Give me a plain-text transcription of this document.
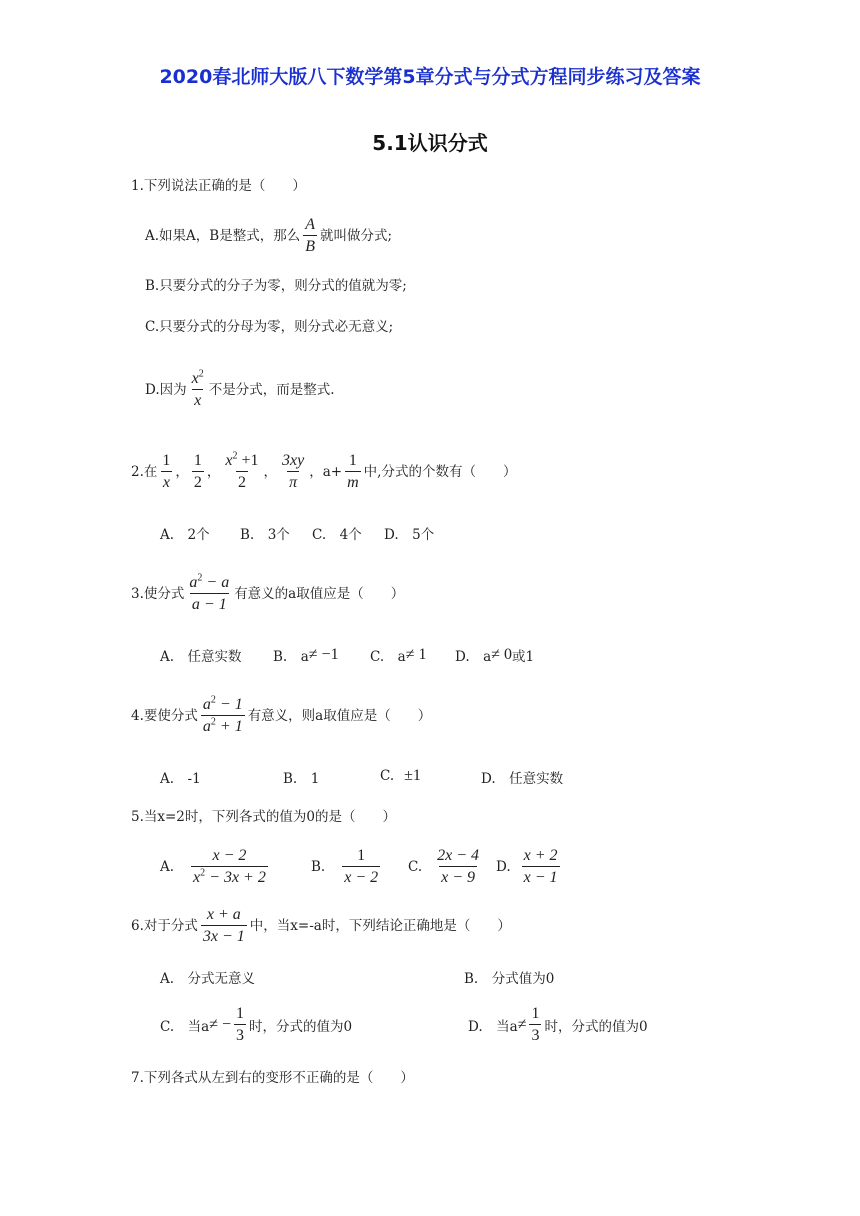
2020春北师大版八下数学第5章分式与分式方程同步练习及答案
5.1认识分式
1.下列说法正确的是（　　）
A.如果A，B是整式，那么 $\frac{A}{B}$ 就叫做分式;
B.只要分式的分子为零，则分式的值就为零;
C.只要分式的分母为零，则分式必无意义;
D.因为 $\frac{x^2}{x}$ 不是分式，而是整式.
2.在 $\frac{1}{x}$ ， $\frac{1}{2}$ ， $\frac{x^2 +1}{2}$ ， $\frac{3xy}{\pi}$ ， $a+ \frac{1}{m}$ 中,分式的个数有（　　）
A.　2个 B.　3个 C.　4个 D.　5个
3.使分式 $\frac{a^2 - a}{a - 1}$ 有意义的a取值应是（　　）
A.　任意实数 B.　a ≠ −1 C.　a ≠ 1 D.　a ≠ 0 或1
4.要使分式 $\frac{a^2 - 1}{a^2 + 1}$ 有意义，则a取值应是（　　）
A.　-1	B.　1	C. ±1	D.　任意实数
5.当x=2时，下列各式的值为0的是（　　）
A. $\frac{x - 2}{x^2 - 3x + 2}$	B. $\frac{1}{x - 2} C$. $\frac{2x - 4}{x - 9} D$. $\frac{x + 2}{x - 1}$
6.对于分式 $\frac{x + a}{3x - 1}$ 中，当x=-a时，下列结论正确地是（　　）
A.　分式无意义	B.　分式值为0
C.　当a ≠ − $\frac{1}{3}$ 时，分式的值为0	D.　当$a \ne \frac{1}{3}$ 时，分式的值为0
7.下列各式从左到右的变形不正确的是（　　）
